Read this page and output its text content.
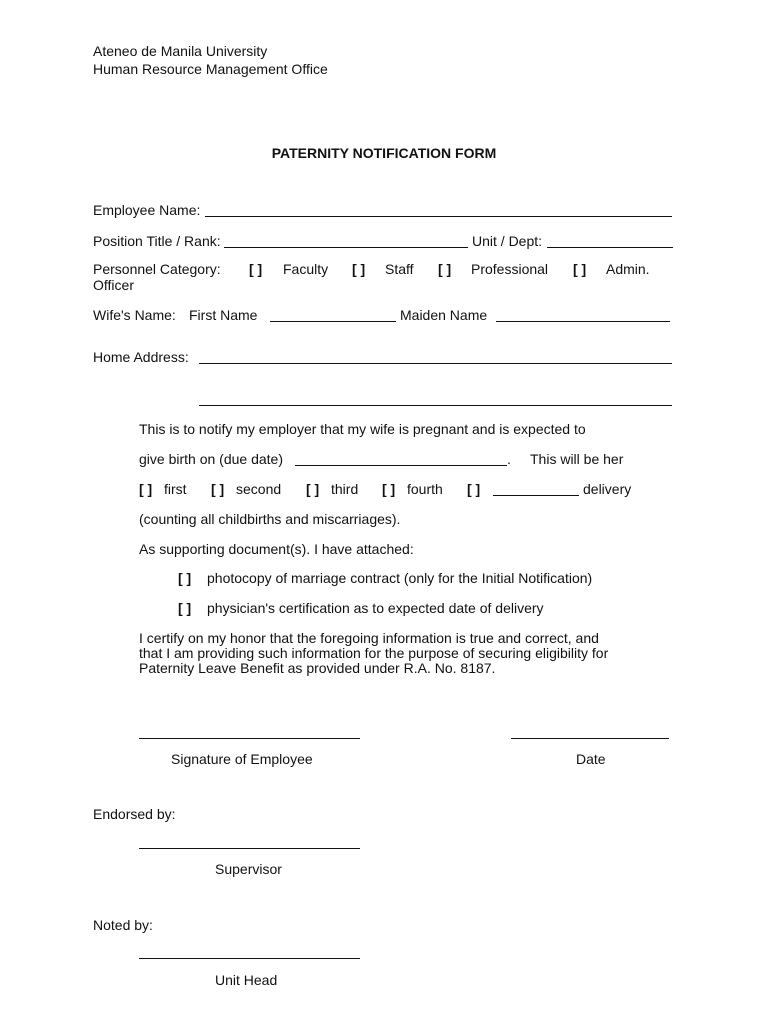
Ateneo de Manila University
Human Resource Management Office
PATERNITY NOTIFICATION FORM
Employee Name:
Position Title / Rank:	Unit / Dept:
Personnel Category: [ ] Faculty [ ] Staff [ ] Professional [ ] Admin.
Officer
Wife's Name: First Name	Maiden Name
Home Address:
This is to notify my employer that my wife is pregnant and is expected to
give birth on (due date)	. This will be her
[ ] first [ ] second [ ] third [ ] fourth [ ]	delivery
(counting all childbirths and miscarriages).
As supporting document(s). I have attached:
[ ] photocopy of marriage contract (only for the Initial Notification)
[ ] physician's certification as to expected date of delivery
I certify on my honor that the foregoing information is true and correct, and
that I am providing such information for the purpose of securing eligibility for
Paternity Leave Benefit as provided under R.A. No. 8187.
Signature of Employee	Date
Endorsed by:
Supervisor
Noted by:
Unit Head
